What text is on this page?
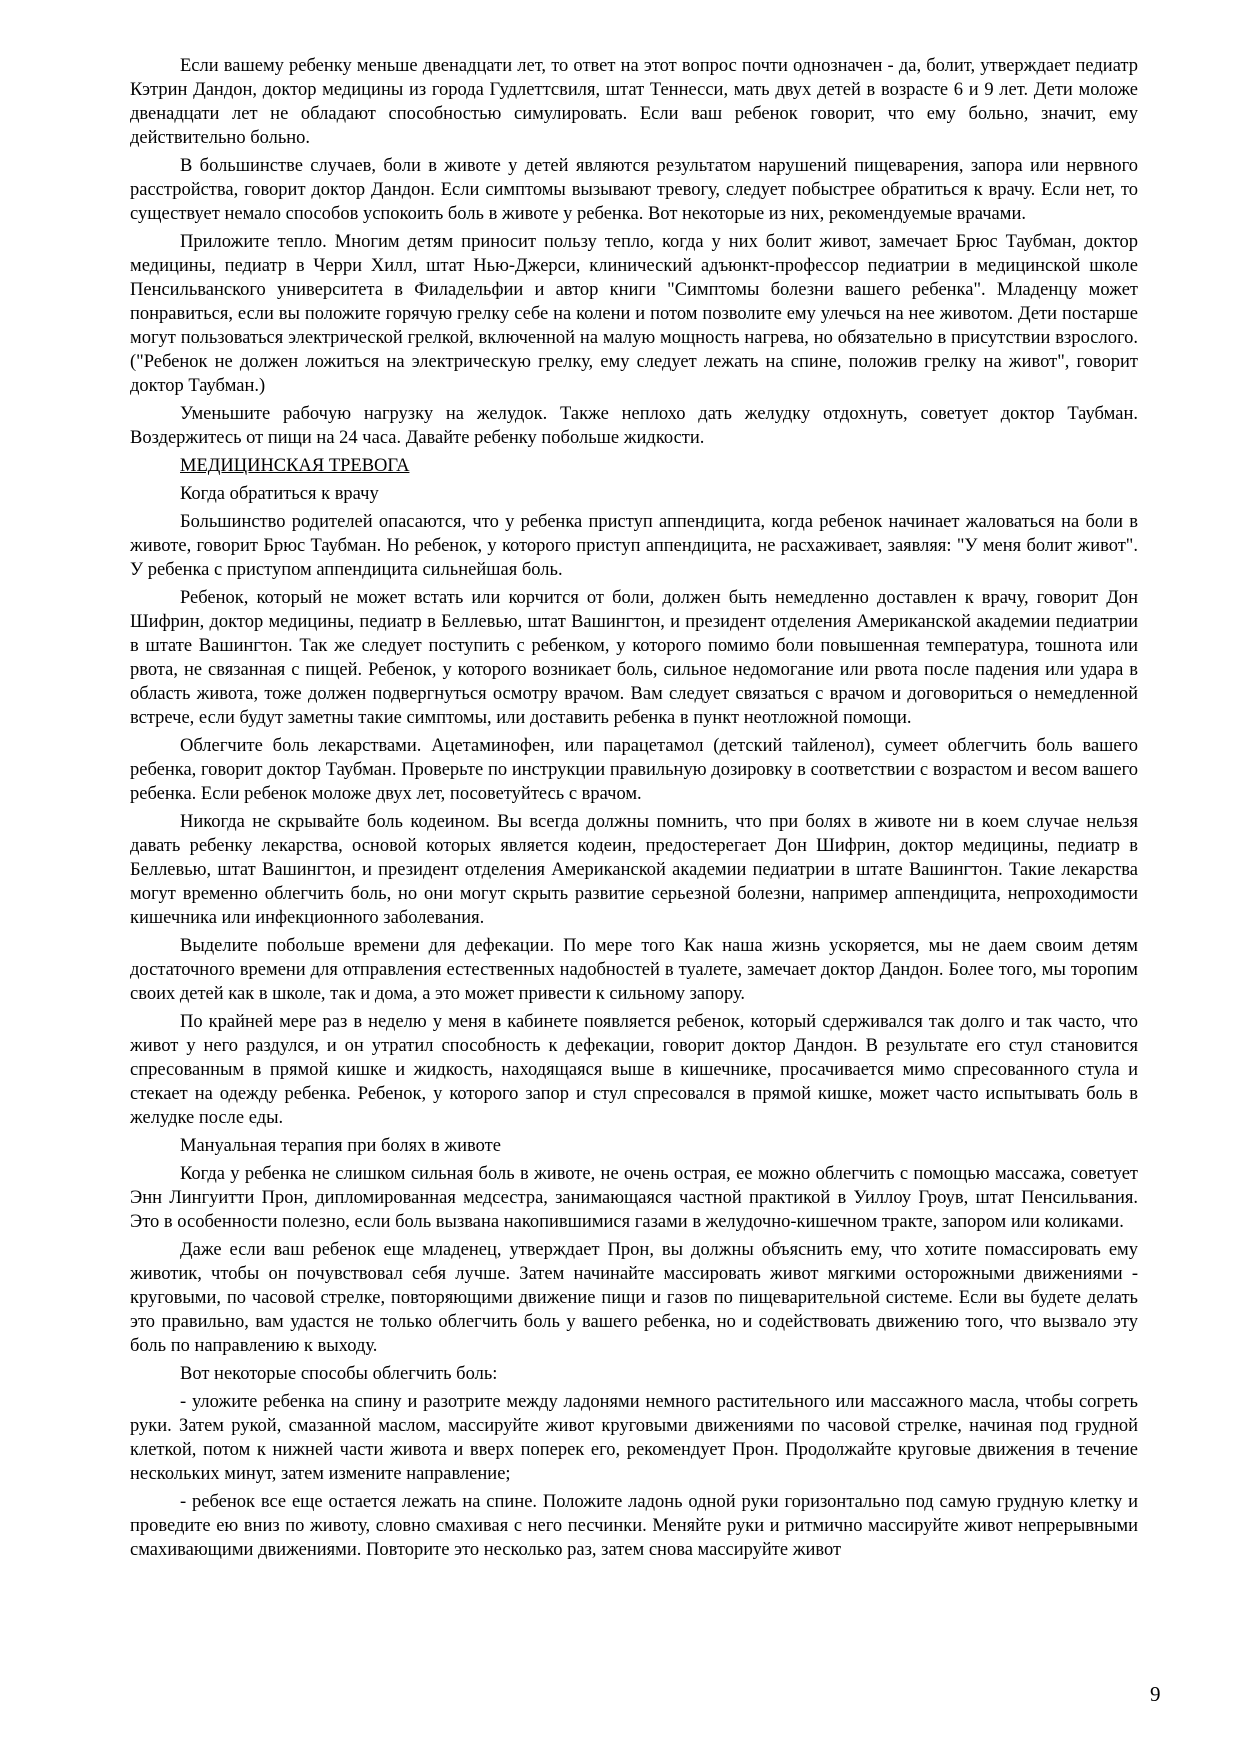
Если вашему ребенку меньше двенадцати лет, то ответ на этот вопрос почти однозначен - да, болит, утверждает педиатр Кэтрин Дандон, доктор медицины из города Гудлеттсвиля, штат Теннесси, мать двух детей в возрасте 6 и 9 лет. Дети моложе двенадцати лет не обладают способностью симулировать. Если ваш ребенок говорит, что ему больно, значит, ему действительно больно.

В большинстве случаев, боли в животе у детей являются результатом нарушений пищеварения, запора или нервного расстройства, говорит доктор Дандон. Если симптомы вызывают тревогу, следует побыстрее обратиться к врачу. Если нет, то существует немало способов успокоить боль в животе у ребенка. Вот некоторые из них, рекомендуемые врачами.

Приложите тепло. Многим детям приносит пользу тепло, когда у них болит живот, замечает Брюс Таубман, доктор медицины, педиатр в Черри Хилл, штат Нью-Джерси, клинический адъюнкт-профессор педиатрии в медицинской школе Пенсильванского университета в Филадельфии и автор книги "Симптомы болезни вашего ребенка". Младенцу может понравиться, если вы положите горячую грелку себе на колени и потом позволите ему улечься на нее животом. Дети постарше могут пользоваться электрической грелкой, включенной на малую мощность нагрева, но обязательно в присутствии взрослого. ("Ребенок не должен ложиться на электрическую грелку, ему следует лежать на спине, положив грелку на живот", говорит доктор Таубман.)

Уменьшите рабочую нагрузку на желудок. Также неплохо дать желудку отдохнуть, советует доктор Таубман. Воздержитесь от пищи на 24 часа. Давайте ребенку побольше жидкости.

МЕДИЦИНСКАЯ ТРЕВОГА

Когда обратиться к врачу

Большинство родителей опасаются, что у ребенка приступ аппендицита, когда ребенок начинает жаловаться на боли в животе, говорит Брюс Таубман. Но ребенок, у которого приступ аппендицита, не расхаживает, заявляя: "У меня болит живот". У ребенка с приступом аппендицита сильнейшая боль.

Ребенок, который не может встать или корчится от боли, должен быть немедленно доставлен к врачу, говорит Дон Шифрин, доктор медицины, педиатр в Беллевью, штат Вашингтон, и президент отделения Американской академии педиатрии в штате Вашингтон. Так же следует поступить с ребенком, у которого помимо боли повышенная температура, тошнота или рвота, не связанная с пищей. Ребенок, у которого возникает боль, сильное недомогание или рвота после падения или удара в область живота, тоже должен подвергнуться осмотру врачом. Вам следует связаться с врачом и договориться о немедленной встрече, если будут заметны такие симптомы, или доставить ребенка в пункт неотложной помощи.

Облегчите боль лекарствами. Ацетаминофен, или парацетамол (детский тайленол), сумеет облегчить боль вашего ребенка, говорит доктор Таубман. Проверьте по инструкции правильную дозировку в соответствии с возрастом и весом вашего ребенка. Если ребенок моложе двух лет, посоветуйтесь с врачом.

Никогда не скрывайте боль кодеином. Вы всегда должны помнить, что при болях в животе ни в коем случае нельзя давать ребенку лекарства, основой которых является кодеин, предостерегает Дон Шифрин, доктор медицины, педиатр в Беллевью, штат Вашингтон, и президент отделения Американской академии педиатрии в штате Вашингтон. Такие лекарства могут временно облегчить боль, но они могут скрыть развитие серьезной болезни, например аппендицита, непроходимости кишечника или инфекционного заболевания.

Выделите побольше времени для дефекации. По мере того Как наша жизнь ускоряется, мы не даем своим детям достаточного времени для отправления естественных надобностей в туалете, замечает доктор Дандон. Более того, мы торопим своих детей как в школе, так и дома, а это может привести к сильному запору.

По крайней мере раз в неделю у меня в кабинете появляется ребенок, который сдерживался так долго и так часто, что живот у него раздулся, и он утратил способность к дефекации, говорит доктор Дандон. В результате его стул становится спресованным в прямой кишке и жидкость, находящаяся выше в кишечнике, просачивается мимо спресованного стула и стекает на одежду ребенка. Ребенок, у которого запор и стул спресовался в прямой кишке, может часто испытывать боль в желудке после еды.

Мануальная терапия при болях в животе

Когда у ребенка не слишком сильная боль в животе, не очень острая, ее можно облегчить с помощью массажа, советует Энн Лингуитти Прон, дипломированная медсестра, занимающаяся частной практикой в Уиллоу Гроув, штат Пенсильвания. Это в особенности полезно, если боль вызвана накопившимися газами в желудочно-кишечном тракте, запором или коликами.

Даже если ваш ребенок еще младенец, утверждает Прон, вы должны объяснить ему, что хотите помассировать ему животик, чтобы он почувствовал себя лучше. Затем начинайте массировать живот мягкими осторожными движениями - круговыми, по часовой стрелке, повторяющими движение пищи и газов по пищеварительной системе. Если вы будете делать это правильно, вам удастся не только облегчить боль у вашего ребенка, но и содействовать движению того, что вызвало эту боль по направлению к выходу.

Вот некоторые способы облегчить боль:

- уложите ребенка на спину и разотрите между ладонями немного растительного или массажного масла, чтобы согреть руки. Затем рукой, смазанной маслом, массируйте живот круговыми движениями по часовой стрелке, начиная под грудной клеткой, потом к нижней части живота и вверх поперек его, рекомендует Прон. Продолжайте круговые движения в течение нескольких минут, затем измените направление;

- ребенок все еще остается лежать на спине. Положите ладонь одной руки горизонтально под самую грудную клетку и проведите ею вниз по животу, словно смахивая с него песчинки. Меняйте руки и ритмично массируйте живот непрерывными смахивающими движениями. Повторите это несколько раз, затем снова массируйте живот

9
